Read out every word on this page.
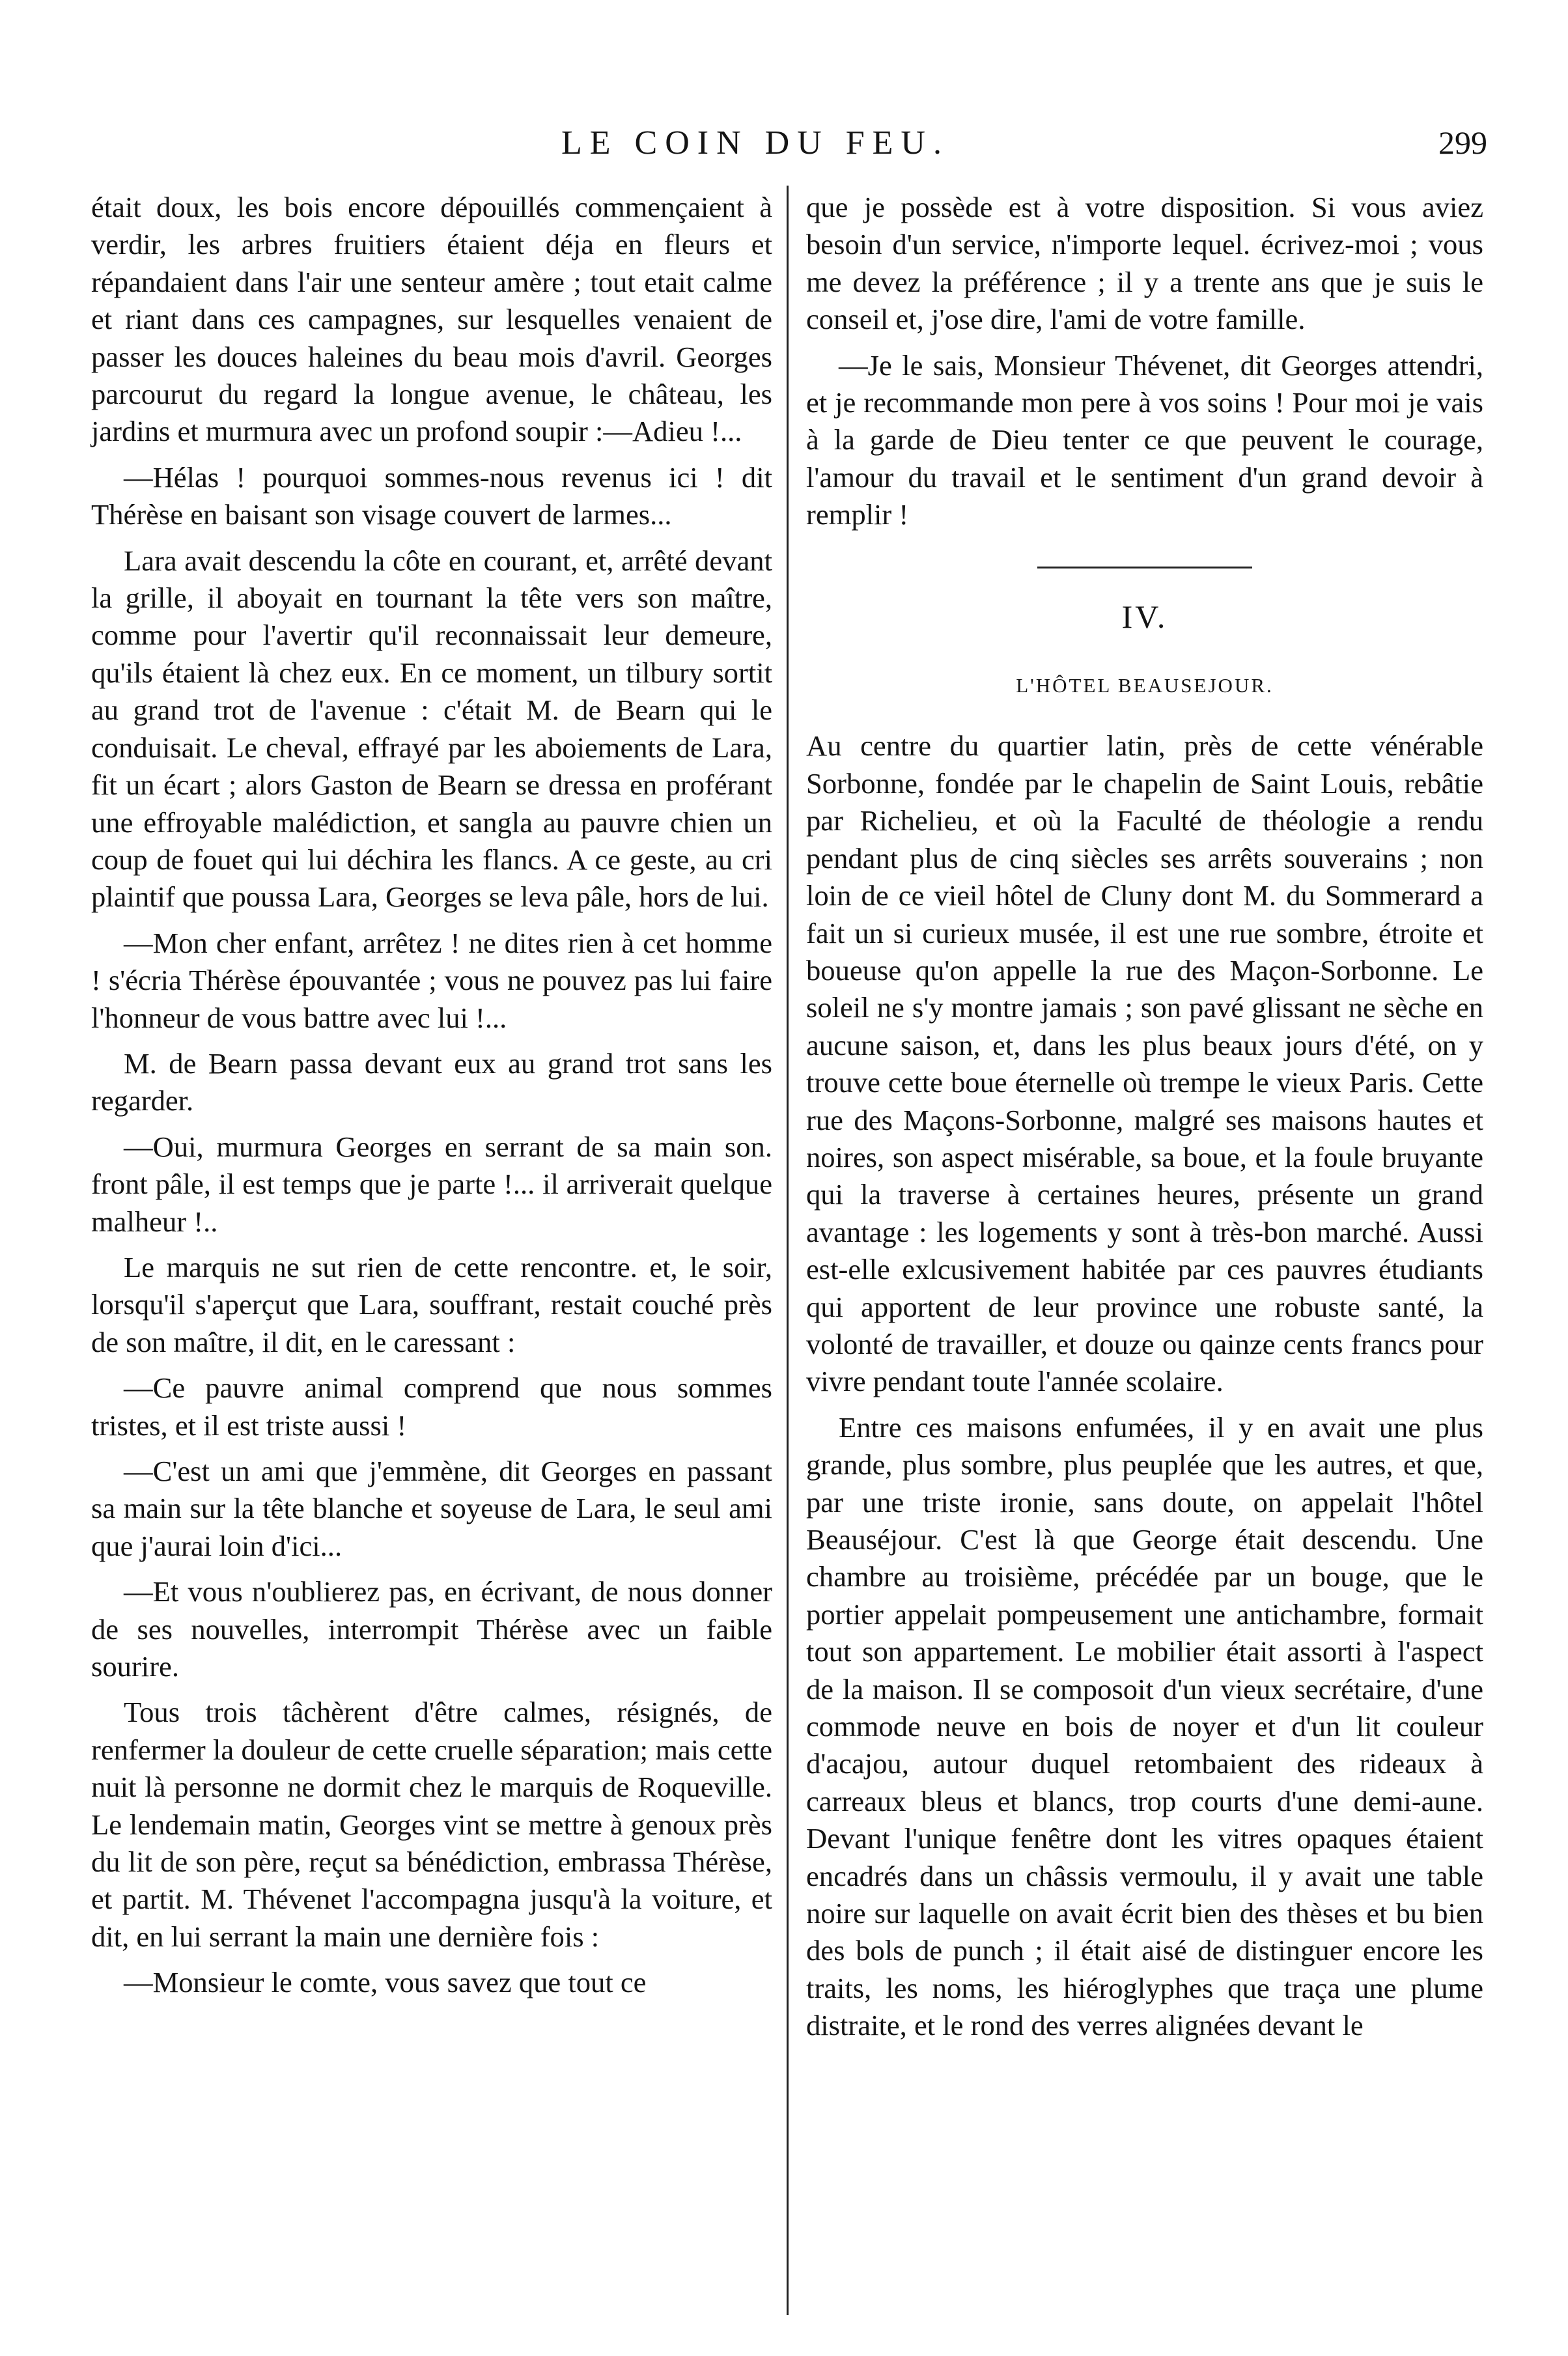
LE COIN DU FEU.	299

était doux, les bois encore dépouillés commençaient à verdir, les arbres fruitiers étaient déja en fleurs et répandaient dans l'air une senteur amère ; tout etait calme et riant dans ces campagnes, sur lesquelles venaient de passer les douces haleines du beau mois d'avril. Georges parcourut du regard la longue avenue, le château, les jardins et murmura avec un profond soupir :—Adieu !...

—Hélas ! pourquoi sommes-nous revenus ici ! dit Thérèse en baisant son visage couvert de larmes...

Lara avait descendu la côte en courant, et, arrêté devant la grille, il aboyait en tournant la tête vers son maître, comme pour l'avertir qu'il reconnaissait leur demeure, qu'ils étaient là chez eux. En ce moment, un tilbury sortit au grand trot de l'avenue : c'était M. de Bearn qui le conduisait. Le cheval, effrayé par les aboiements de Lara, fit un écart ; alors Gaston de Bearn se dressa en proférant une effroyable malédiction, et sangla au pauvre chien un coup de fouet qui lui déchira les flancs. A ce geste, au cri plaintif que poussa Lara, Georges se leva pâle, hors de lui.

—Mon cher enfant, arrêtez ! ne dites rien à cet homme ! s'écria Thérèse épouvantée ; vous ne pouvez pas lui faire l'honneur de vous battre avec lui !...

M. de Bearn passa devant eux au grand trot sans les regarder.

—Oui, murmura Georges en serrant de sa main son. front pâle, il est temps que je parte !... il arriverait quelque malheur !..

Le marquis ne sut rien de cette rencontre. et, le soir, lorsqu'il s'aperçut que Lara, souffrant, restait couché près de son maître, il dit, en le caressant :

—Ce pauvre animal comprend que nous sommes tristes, et il est triste aussi !

—C'est un ami que j'emmène, dit Georges en passant sa main sur la tête blanche et soyeuse de Lara, le seul ami que j'aurai loin d'ici...

—Et vous n'oublierez pas, en écrivant, de nous donner de ses nouvelles, interrompit Thérèse avec un faible sourire.

Tous trois tâchèrent d'être calmes, résignés, de renfermer la douleur de cette cruelle séparation; mais cette nuit là personne ne dormit chez le marquis de Roqueville. Le lendemain matin, Georges vint se mettre à genoux près du lit de son père, reçut sa bénédiction, embrassa Thérèse, et partit. M. Thévenet l'accompagna jusqu'à la voiture, et dit, en lui serrant la main une dernière fois :

—Monsieur le comte, vous savez que tout ce

que je possède est à votre disposition. Si vous aviez besoin d'un service, n'importe lequel. écrivez-moi ; vous me devez la préférence ; il y a trente ans que je suis le conseil et, j'ose dire, l'ami de votre famille.

—Je le sais, Monsieur Thévenet, dit Georges attendri, et je recommande mon pere à vos soins ! Pour moi je vais à la garde de Dieu tenter ce que peuvent le courage, l'amour du travail et le sentiment d'un grand devoir à remplir !

IV.
L'HÔTEL BEAUSEJOUR.

Au centre du quartier latin, près de cette vénérable Sorbonne, fondée par le chapelin de Saint Louis, rebâtie par Richelieu, et où la Faculté de théologie a rendu pendant plus de cinq siècles ses arrêts souverains ; non loin de ce vieil hôtel de Cluny dont M. du Sommerard a fait un si curieux musée, il est une rue sombre, étroite et boueuse qu'on appelle la rue des Maçon-Sorbonne. Le soleil ne s'y montre jamais ; son pavé glissant ne sèche en aucune saison, et, dans les plus beaux jours d'été, on y trouve cette boue éternelle où trempe le vieux Paris. Cette rue des Maçons-Sorbonne, malgré ses maisons hautes et noires, son aspect misérable, sa boue, et la foule bruyante qui la traverse à certaines heures, présente un grand avantage : les logements y sont à très-bon marché. Aussi est-elle exlcusivement habitée par ces pauvres étudiants qui apportent de leur province une robuste santé, la volonté de travailler, et douze ou qainze cents francs pour vivre pendant toute l'année scolaire.

Entre ces maisons enfumées, il y en avait une plus grande, plus sombre, plus peuplée que les autres, et que, par une triste ironie, sans doute, on appelait l'hôtel Beauséjour. C'est là que George était descendu. Une chambre au troisième, précédée par un bouge, que le portier appelait pompeusement une antichambre, formait tout son appartement. Le mobilier était assorti à l'aspect de la maison. Il se composoit d'un vieux secrétaire, d'une commode neuve en bois de noyer et d'un lit couleur d'acajou, autour duquel retombaient des rideaux à carreaux bleus et blancs, trop courts d'une demi-aune. Devant l'unique fenêtre dont les vitres opaques étaient encadrés dans un châssis vermoulu, il y avait une table noire sur laquelle on avait écrit bien des thèses et bu bien des bols de punch ; il était aisé de distinguer encore les traits, les noms, les hiéroglyphes que traça une plume distraite, et le rond des verres alignées devant le
